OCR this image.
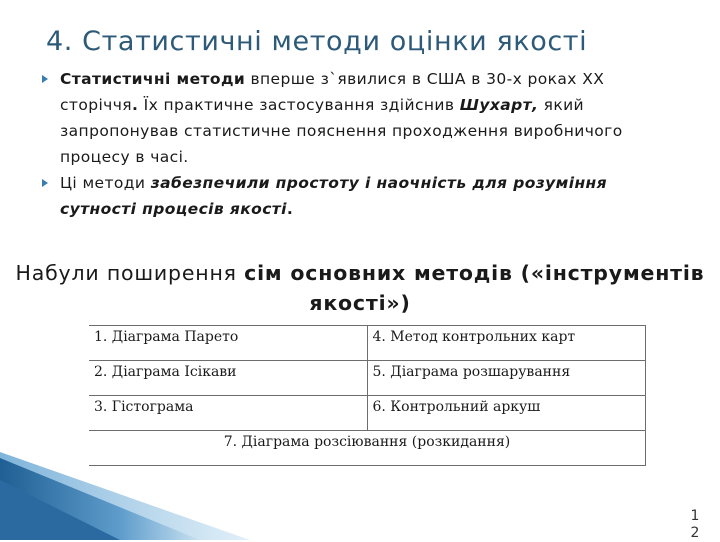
4. Статистичні методи оцінки якості
Статистичні методи вперше з`явилися в США в 30-х роках ХХ сторіччя. Їх практичне застосування здійснив Шухарт, який запропонував статистичне пояснення проходження виробничого процесу в часі.
Ці методи забезпечили простоту і наочність для розуміння сутності процесів якості.
Набули поширення сім основних методів («інструментів якості»)
1. Діаграма Парето	4. Метод контрольних карт
2. Діаграма Ісікави	5. Діаграма розшарування
3. Гістограма	6. Контрольний аркуш
7. Діаграма розсіювання (розкидання)	
12
